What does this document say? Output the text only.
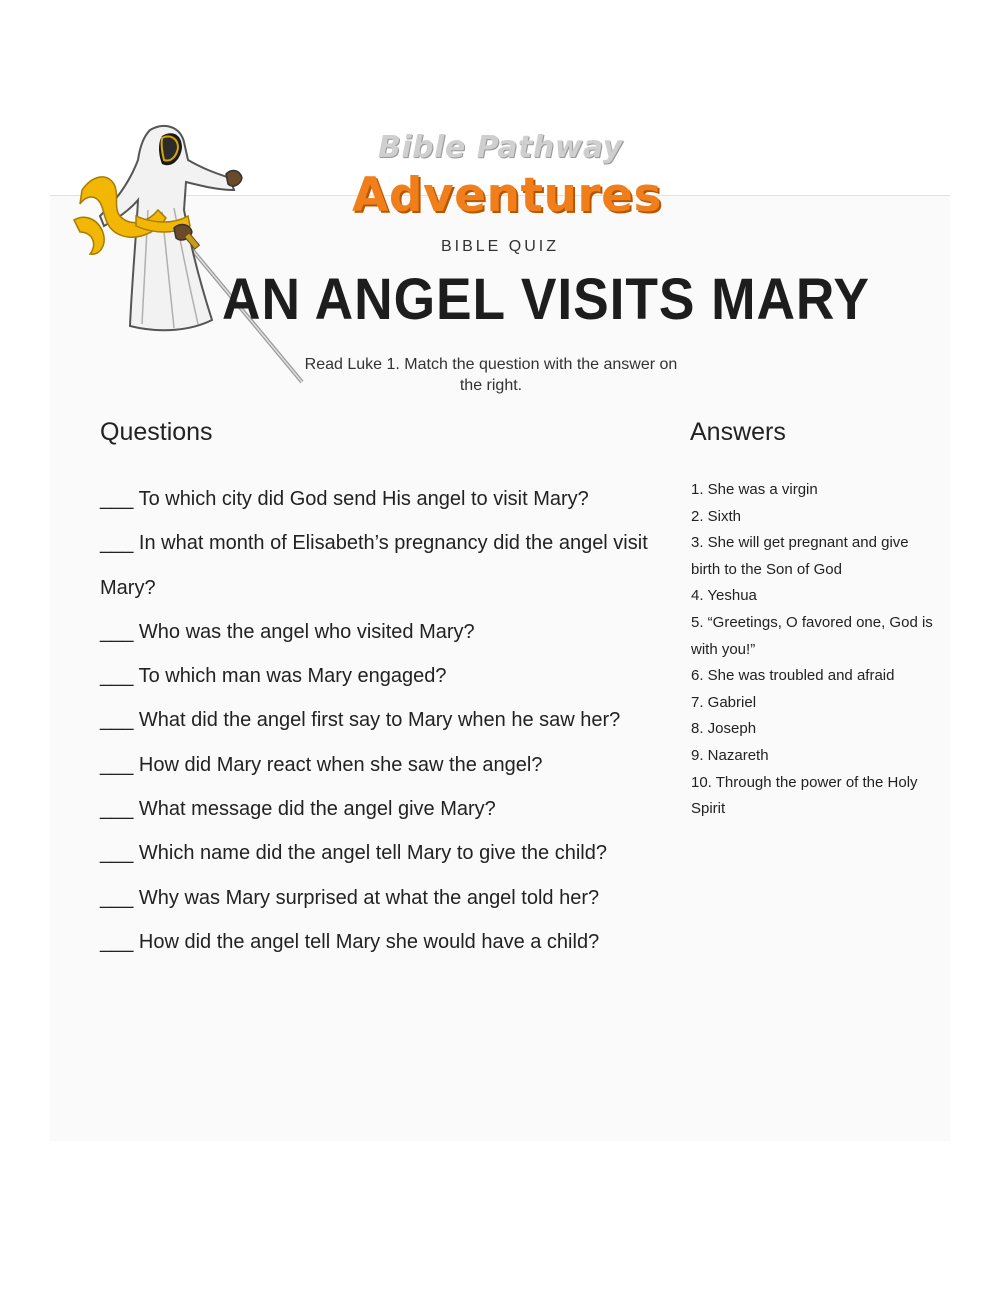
Bible Pathway
Adventures
BIBLE QUIZ
AN ANGEL VISITS MARY
Read Luke 1. Match the question with the answer on the right.
Questions	Answers
___ To which city did God send His angel to visit Mary?
___ In what month of Elisabeth’s pregnancy did the angel visit Mary?
___ Who was the angel who visited Mary?
___ To which man was Mary engaged?
___ What did the angel first say to Mary when he saw her?
___ How did Mary react when she saw the angel?
___ What message did the angel give Mary?
___ Which name did the angel tell Mary to give the child?
___ Why was Mary surprised at what the angel told her?
___ How did the angel tell Mary she would have a child?
1. She was a virgin
2. Sixth
3. She will get pregnant and give birth to the Son of God
4. Yeshua
5. “Greetings, O favored one, God is with you!”
6. She was troubled and afraid
7. Gabriel
8. Joseph
9. Nazareth
10. Through the power of the Holy Spirit
